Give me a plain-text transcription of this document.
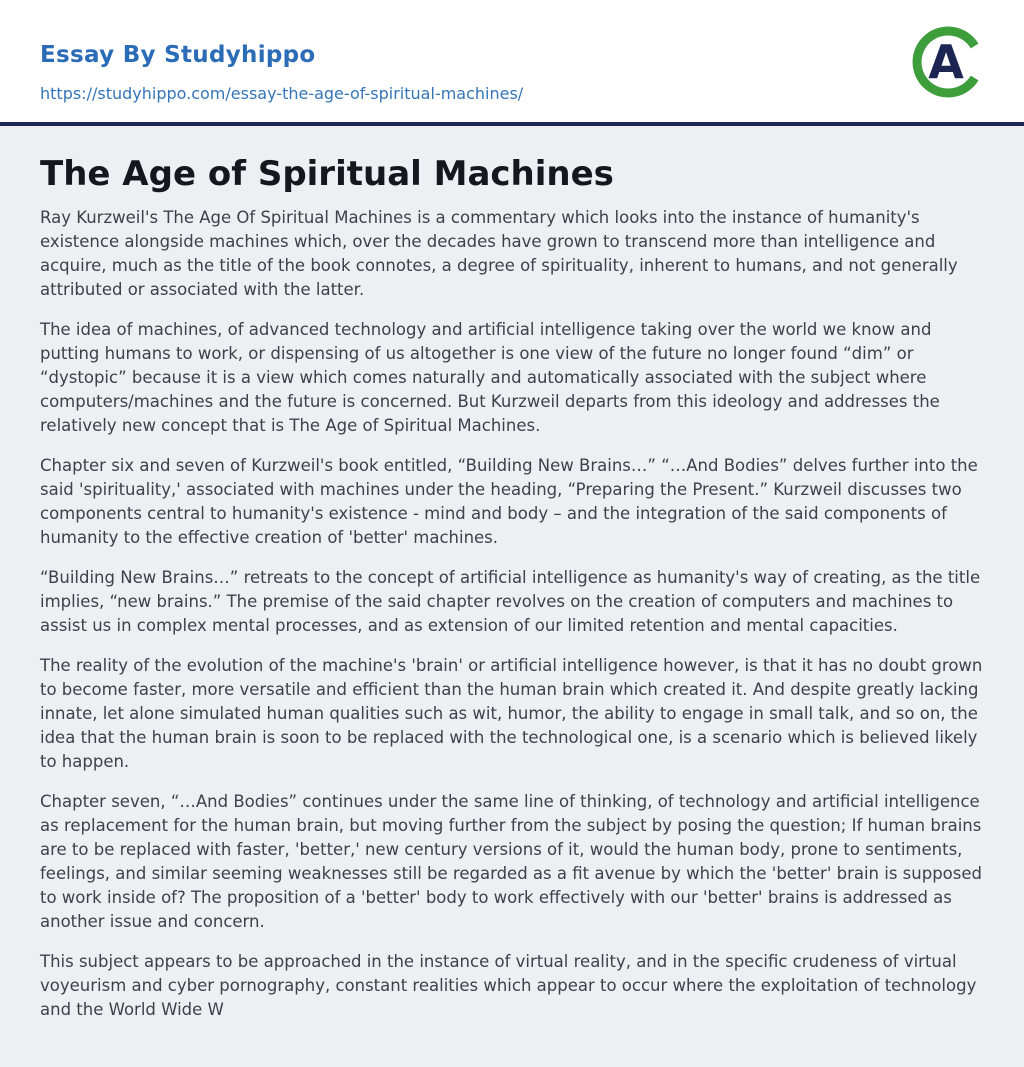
Essay By Studyhippo
https://studyhippo.com/essay-the-age-of-spiritual-machines/
A
The Age of Spiritual Machines

Ray Kurzweil's The Age Of Spiritual Machines is a commentary which looks into the instance of humanity's existence alongside machines which, over the decades have grown to transcend more than intelligence and acquire, much as the title of the book connotes, a degree of spirituality, inherent to humans, and not generally attributed or associated with the latter.

The idea of machines, of advanced technology and artificial intelligence taking over the world we know and putting humans to work, or dispensing of us altogether is one view of the future no longer found “dim” or “dystopic” because it is a view which comes naturally and automatically associated with the subject where computers/machines and the future is concerned. But Kurzweil departs from this ideology and addresses the relatively new concept that is The Age of Spiritual Machines.

Chapter six and seven of Kurzweil's book entitled, “Building New Brains…” “…And Bodies” delves further into the said 'spirituality,' associated with machines under the heading, “Preparing the Present.” Kurzweil discusses two components central to humanity's existence - mind and body – and the integration of the said components of humanity to the effective creation of 'better' machines.

“Building New Brains…” retreats to the concept of artificial intelligence as humanity's way of creating, as the title implies, “new brains.” The premise of the said chapter revolves on the creation of computers and machines to assist us in complex mental processes, and as extension of our limited retention and mental capacities.

The reality of the evolution of the machine's 'brain' or artificial intelligence however, is that it has no doubt grown to become faster, more versatile and efficient than the human brain which created it. And despite greatly lacking innate, let alone simulated human qualities such as wit, humor, the ability to engage in small talk, and so on, the idea that the human brain is soon to be replaced with the technological one, is a scenario which is believed likely to happen.

Chapter seven, “…And Bodies” continues under the same line of thinking, of technology and artificial intelligence as replacement for the human brain, but moving further from the subject by posing the question; If human brains are to be replaced with faster, 'better,' new century versions of it, would the human body, prone to sentiments, feelings, and similar seeming weaknesses still be regarded as a fit avenue by which the 'better' brain is supposed to work inside of? The proposition of a 'better' body to work effectively with our 'better' brains is addressed as another issue and concern.

This subject appears to be approached in the instance of virtual reality, and in the specific crudeness of virtual voyeurism and cyber pornography, constant realities which appear to occur where the exploitation of technology and the World Wide W
